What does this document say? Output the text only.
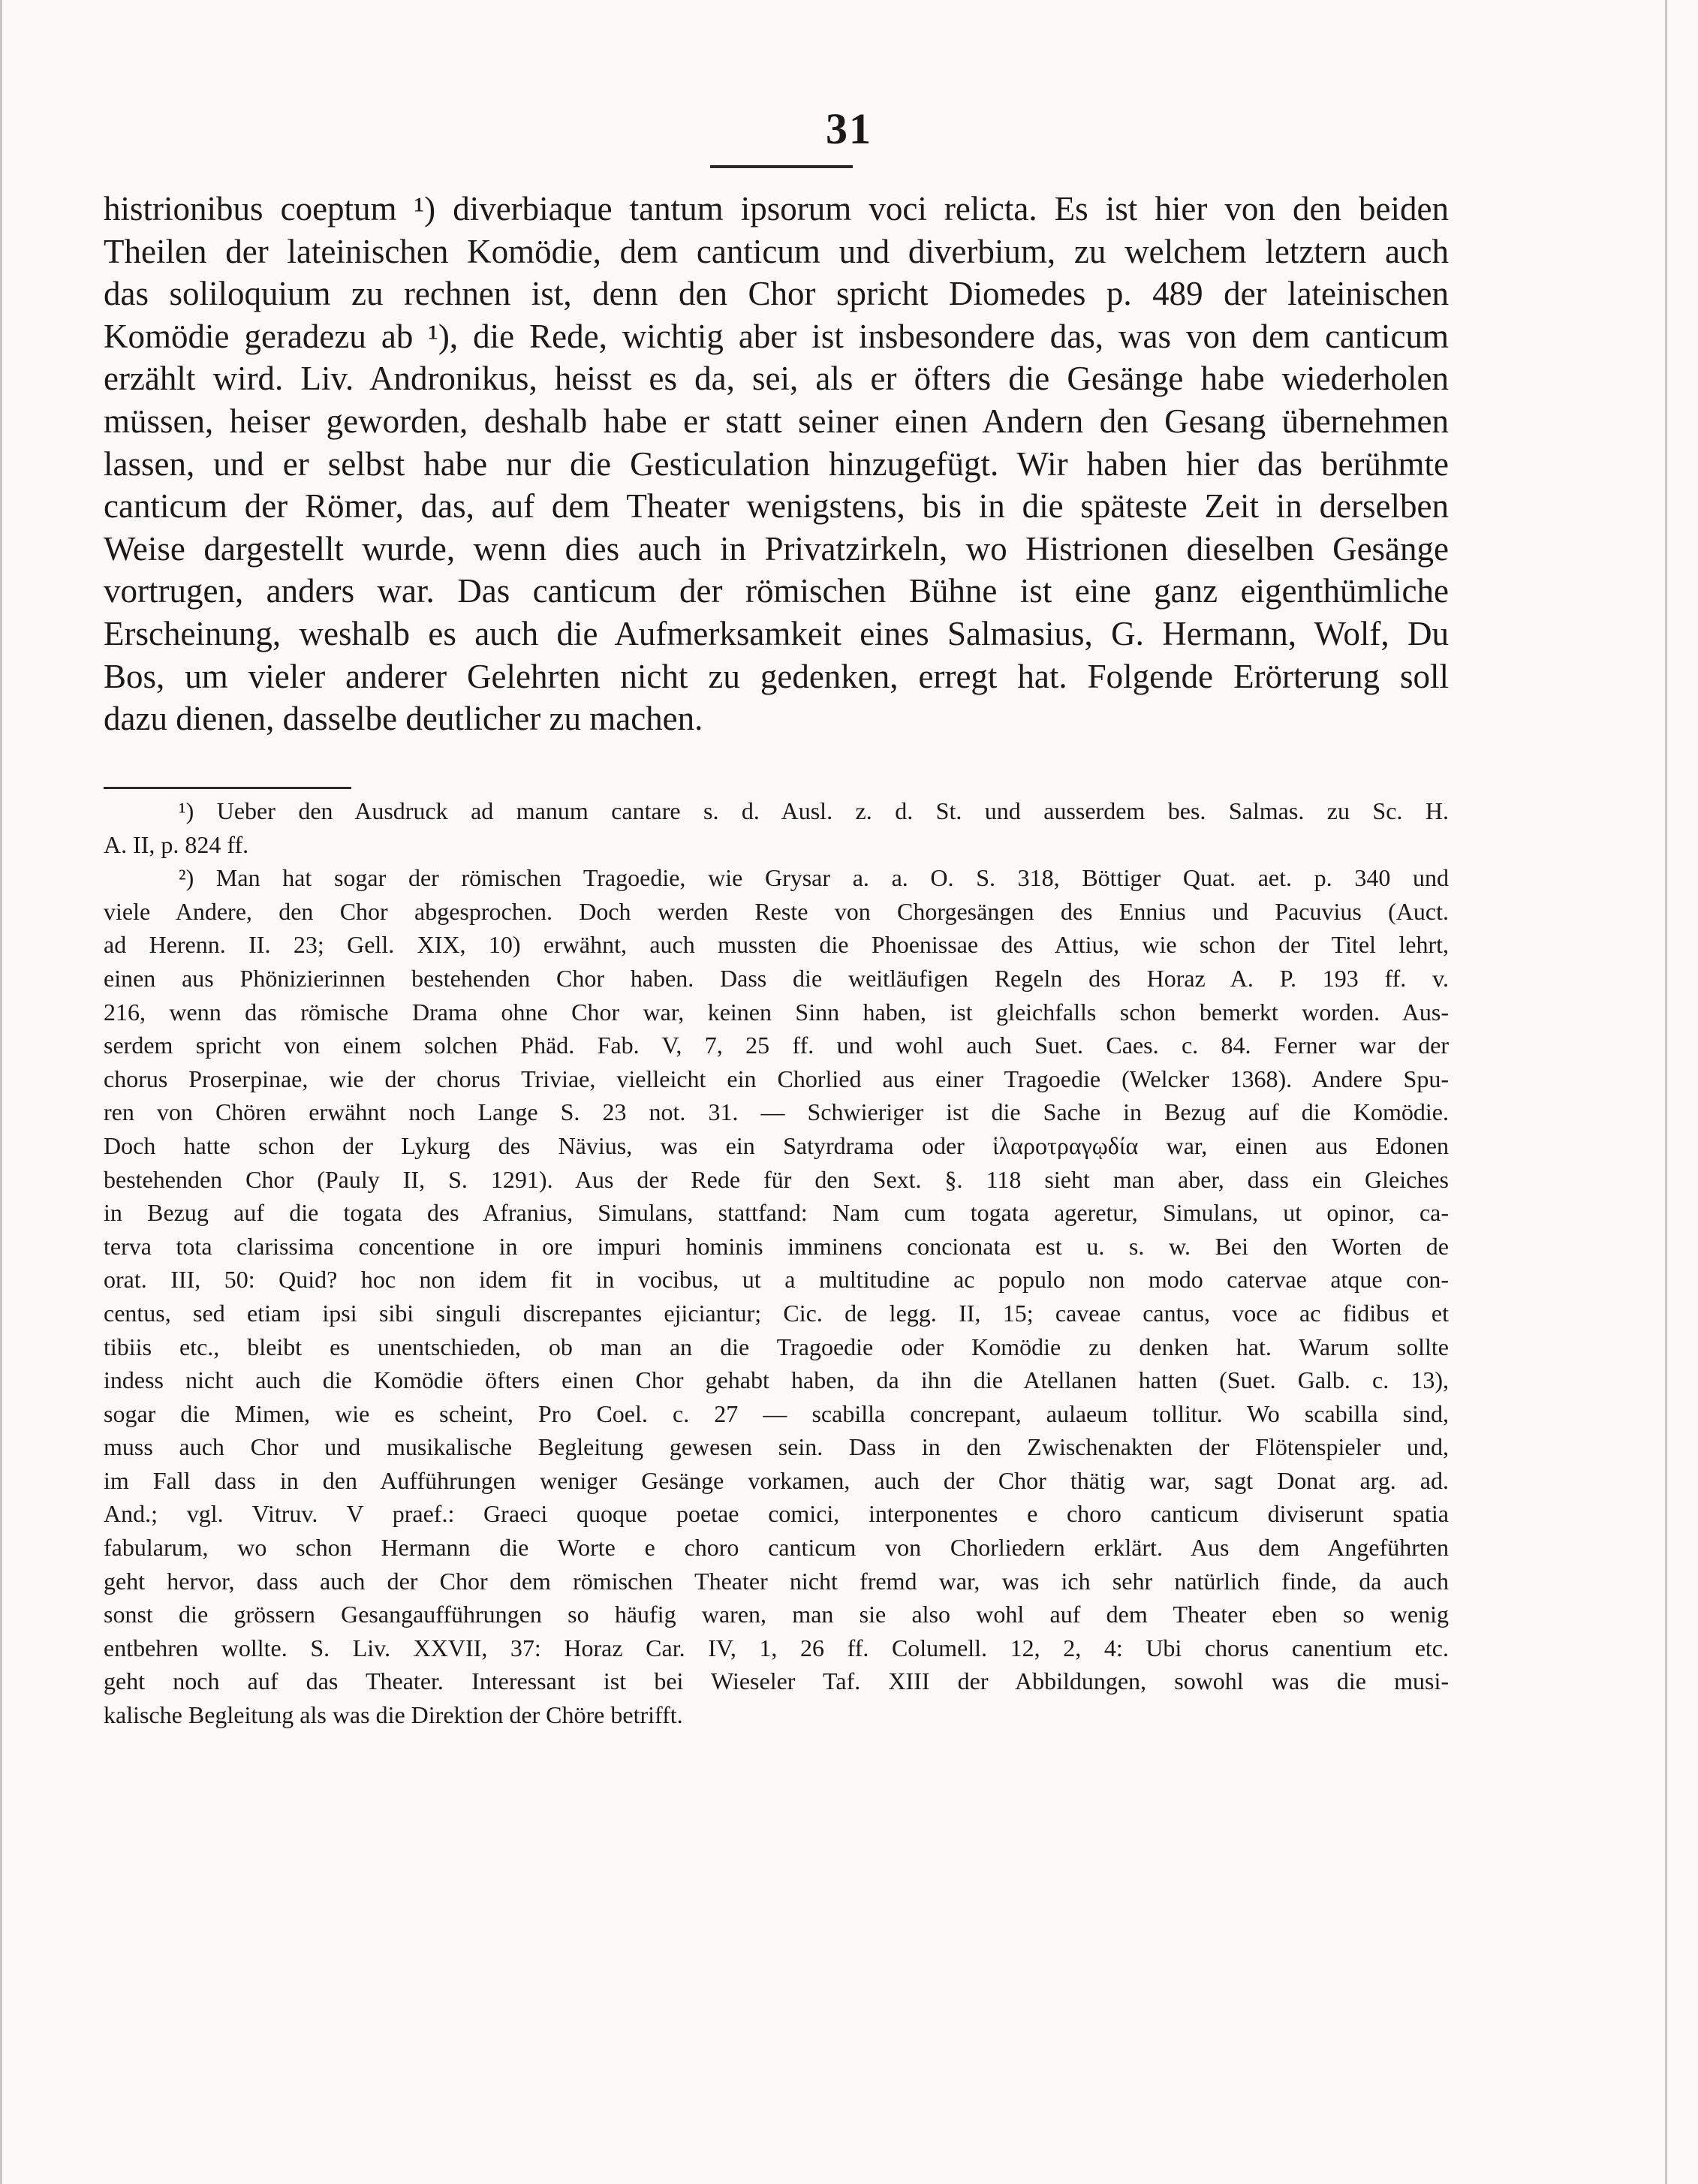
31
histrionibus coeptum ¹) diverbiaque tantum ipsorum voci relicta. Es ist hier von den beiden
Theilen der lateinischen Komödie, dem canticum und diverbium, zu welchem letztern auch
das soliloquium zu rechnen ist, denn den Chor spricht Diomedes p. 489 der lateinischen
Komödie geradezu ab ¹), die Rede, wichtig aber ist insbesondere das, was von dem canticum
erzählt wird. Liv. Andronikus, heisst es da, sei, als er öfters die Gesänge habe wiederholen
müssen, heiser geworden, deshalb habe er statt seiner einen Andern den Gesang übernehmen
lassen, und er selbst habe nur die Gesticulation hinzugefügt. Wir haben hier das berühmte
canticum der Römer, das, auf dem Theater wenigstens, bis in die späteste Zeit in derselben
Weise dargestellt wurde, wenn dies auch in Privatzirkeln, wo Histrionen dieselben Gesänge
vortrugen, anders war. Das canticum der römischen Bühne ist eine ganz eigenthümliche
Erscheinung, weshalb es auch die Aufmerksamkeit eines Salmasius, G. Hermann, Wolf, Du
Bos, um vieler anderer Gelehrten nicht zu gedenken, erregt hat. Folgende Erörterung soll
dazu dienen, dasselbe deutlicher zu machen.
¹) Ueber den Ausdruck ad manum cantare s. d. Ausl. z. d. St. und ausserdem bes. Salmas. zu Sc. H.
A. II, p. 824 ff.
²) Man hat sogar der römischen Tragoedie, wie Grysar a. a. O. S. 318, Böttiger Quat. aet. p. 340 und
viele Andere, den Chor abgesprochen. Doch werden Reste von Chorgesängen des Ennius und Pacuvius (Auct.
ad Herenn. II. 23; Gell. XIX, 10) erwähnt, auch mussten die Phoenissae des Attius, wie schon der Titel lehrt,
einen aus Phönizierinnen bestehenden Chor haben. Dass die weitläufigen Regeln des Horaz A. P. 193 ff. v.
216, wenn das römische Drama ohne Chor war, keinen Sinn haben, ist gleichfalls schon bemerkt worden. Aus-
serdem spricht von einem solchen Phäd. Fab. V, 7, 25 ff. und wohl auch Suet. Caes. c. 84. Ferner war der
chorus Proserpinae, wie der chorus Triviae, vielleicht ein Chorlied aus einer Tragoedie (Welcker 1368). Andere Spu-
ren von Chören erwähnt noch Lange S. 23 not. 31. — Schwieriger ist die Sache in Bezug auf die Komödie.
Doch hatte schon der Lykurg des Nävius, was ein Satyrdrama oder ἱλαροτραγῳδία war, einen aus Edonen
bestehenden Chor (Pauly II, S. 1291). Aus der Rede für den Sext. §. 118 sieht man aber, dass ein Gleiches
in Bezug auf die togata des Afranius, Simulans, stattfand: Nam cum togata ageretur, Simulans, ut opinor, ca-
terva tota clarissima concentione in ore impuri hominis imminens concionata est u. s. w. Bei den Worten de
orat. III, 50: Quid? hoc non idem fit in vocibus, ut a multitudine ac populo non modo catervae atque con-
centus, sed etiam ipsi sibi singuli discrepantes ejiciantur; Cic. de legg. II, 15; caveae cantus, voce ac fidibus et
tibiis etc., bleibt es unentschieden, ob man an die Tragoedie oder Komödie zu denken hat. Warum sollte
indess nicht auch die Komödie öfters einen Chor gehabt haben, da ihn die Atellanen hatten (Suet. Galb. c. 13),
sogar die Mimen, wie es scheint, Pro Coel. c. 27 — scabilla concrepant, aulaeum tollitur. Wo scabilla sind,
muss auch Chor und musikalische Begleitung gewesen sein. Dass in den Zwischenakten der Flötenspieler und,
im Fall dass in den Aufführungen weniger Gesänge vorkamen, auch der Chor thätig war, sagt Donat arg. ad.
And.; vgl. Vitruv. V praef.: Graeci quoque poetae comici, interponentes e choro canticum diviserunt spatia
fabularum, wo schon Hermann die Worte e choro canticum von Chorliedern erklärt. Aus dem Angeführten
geht hervor, dass auch der Chor dem römischen Theater nicht fremd war, was ich sehr natürlich finde, da auch
sonst die grössern Gesangaufführungen so häufig waren, man sie also wohl auf dem Theater eben so wenig
entbehren wollte. S. Liv. XXVII, 37: Horaz Car. IV, 1, 26 ff. Columell. 12, 2, 4: Ubi chorus canentium etc.
geht noch auf das Theater. Interessant ist bei Wieseler Taf. XIII der Abbildungen, sowohl was die musi-
kalische Begleitung als was die Direktion der Chöre betrifft.
